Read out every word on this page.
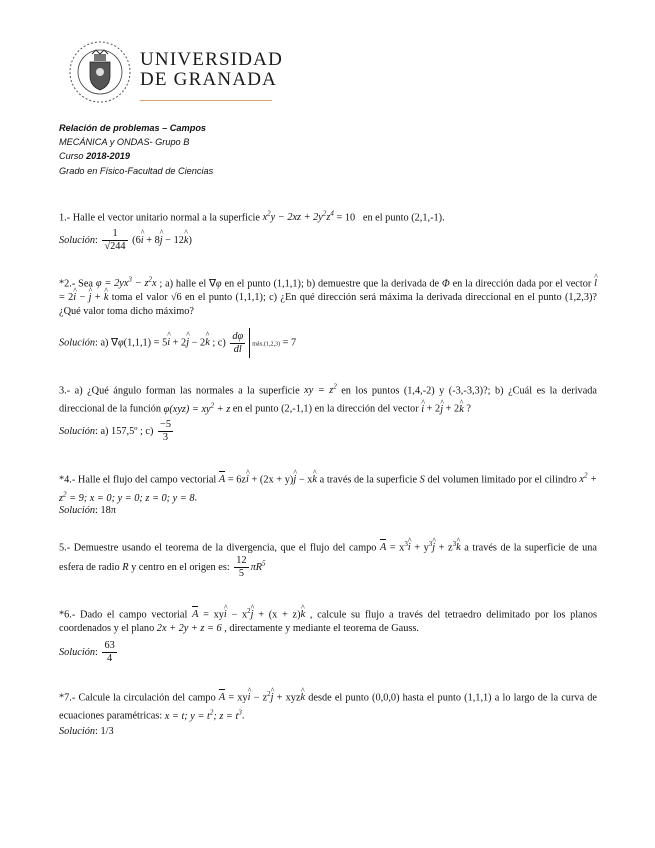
UNIVERSIDAD
DE GRANADA
Relación de problemas – Campos
MECÁNICA y ONDAS- Grupo B
Curso 2018-2019
Grado en Físico-Facultad de Ciencias
1.- Halle el vector unitario normal a la superficie $x^2y - 2xz + 2y^2z^4 = 10$   en el punto (2,1,-1).
Solución: $\frac{1}{√244} (6i$ ^ + 8j ^ − 12k ^)
*2.- Sea $\varphi = 2yx^3 - z^2x$ ; a) halle el ∇φ en el punto (1,1,1); b) demuestre que la derivada de Φ en la dirección dada por el vector l ^ = 2i ^ − j ^ + k ^ toma el valor √6 en el punto (1,1,1); c) ¿En qué dirección será máxima la derivada direccional en el punto (1,2,3)? ¿Qué valor toma dicho máximo?
Solución: a) ∇φ(1,1,1) = 5i ^ + 2j ^ − 2k ^ ; $c) \frac{d\varphi}{dl}$ máx.(1,2,3) = 7
3.- a) ¿Qué ángulo forman las normales a la superficie xy = $z^2$ en los puntos (1,4,-2) y (-3,-3,3)?; b) ¿Cuál es la derivada direccional de la función $\varphi(xyz) = xy^2 + z$ en el punto (2,-1,1) en la dirección del vector i ^ + 2j ^ + 2k ^ ?
Solución: a) 157,5º ; $c) \frac{-5}{3}$
*4.- Halle el flujo del campo vectorial A = 6zi ^ + (2x + y)j ^ − xk ^ a través de la superficie S del volumen limitado por el cilindro $x^2 + z^2 = 9$; x = 0; y = 0; z = 0; y = 8.
Solución: 18π
5.- Demuestre usando el teorema de la divergencia, que el flujo del campo $A = x^3i$ ^ + $y^3j$ ^ + $z^3k$ ^ a través de la superficie de una esfera de radio R y centro en el origen es: $\frac{12}{5} \pi R^5$
*6.- Dado el campo vectorial A = xyi ^ − $x^2j$ ^ + (x + z)k ^ , calcule su flujo a través del tetraedro delimitado por los planos coordenados y el plano 2x + 2y + z = 6 , directamente y mediante el teorema de Gauss.
Solución: $\frac{63}{4}$
*7.- Calcule la circulación del campo A = xyi ^ − $z^2j$ ^ + xyzk ^ desde el punto (0,0,0) hasta el punto (1,1,1) a lo largo de la curva de ecuaciones paramétricas: x = t; $y = t^2$; $z = t^3$.
Solución: 1/3
